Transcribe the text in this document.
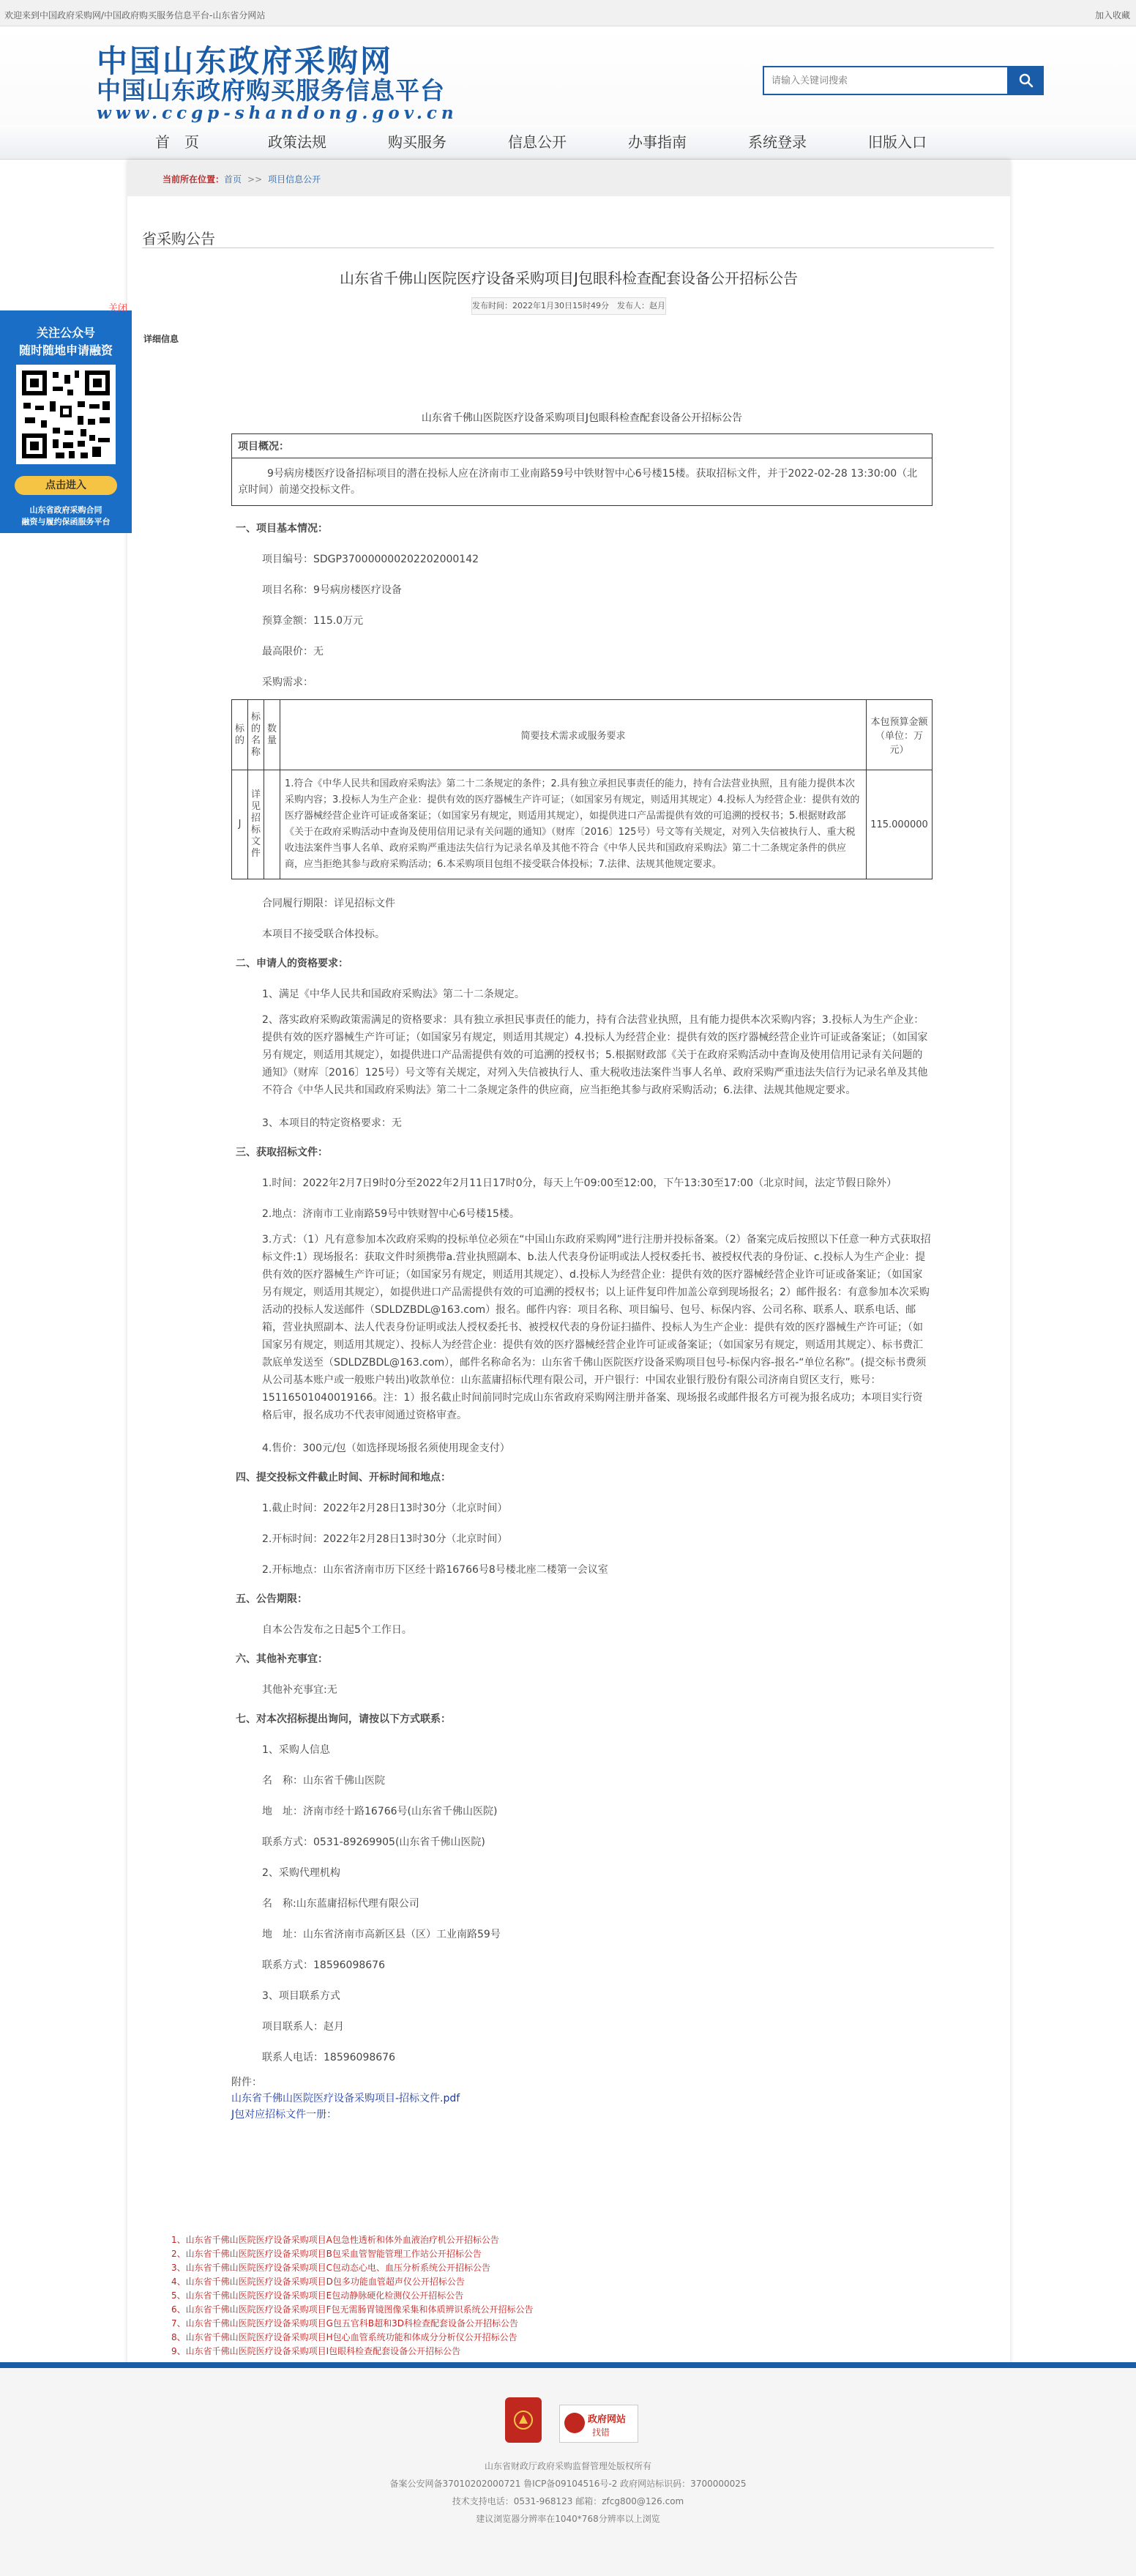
欢迎来到中国政府采购网/中国政府购买服务信息平台-山东省分网站	加入收藏
中国山东政府采购网
中国山东政府购买服务信息平台
www.ccgp-shandong.gov.cn
请输入关键词搜索
首　页	政策法规	购买服务	信息公开	办事指南	系统登录	旧版入口
当前所在位置：首页 >> 项目信息公开
省采购公告
山东省千佛山医院医疗设备采购项目J包眼科检查配套设备公开招标公告
发布时间：2022年1月30日15时49分　发布人：赵月
详细信息
山东省千佛山医院医疗设备采购项目J包眼科检查配套设备公开招标公告
项目概况：
9号病房楼医疗设备招标项目的潜在投标人应在济南市工业南路59号中铁财智中心6号楼15楼。获取招标文件，并于2022-02-28 13:30:00（北京时间）前递交投标文件。
一、项目基本情况：
项目编号：SDGP370000000202202000142
项目名称：9号病房楼医疗设备
预算金额：115.0万元
最高限价：无
采购需求：
标的	标的名称	数量	简要技术需求或服务要求	本包预算金额（单位：万元）
J	详见招标文件		1.符合《中华人民共和国政府采购法》第二十二条规定的条件；2.具有独立承担民事责任的能力，持有合法营业执照，且有能力提供本次采购内容；3.投标人为生产企业：提供有效的医疗器械生产许可证；（如国家另有规定，则适用其规定）4.投标人为经营企业：提供有效的医疗器械经营企业许可证或备案证；（如国家另有规定，则适用其规定），如提供进口产品需提供有效的可追溯的授权书；5.根据财政部《关于在政府采购活动中查询及使用信用记录有关问题的通知》（财库〔2016〕125号）号文等有关规定，对列入失信被执行人、重大税收违法案件当事人名单、政府采购严重违法失信行为记录名单及其他不符合《中华人民共和国政府采购法》第二十二条规定条件的供应商，应当拒绝其参与政府采购活动；6.本采购项目包组不接受联合体投标；7.法律、法规其他规定要求。	115.000000
合同履行期限：详见招标文件
本项目不接受联合体投标。
二、申请人的资格要求：
1、满足《中华人民共和国政府采购法》第二十二条规定。
2、落实政府采购政策需满足的资格要求：具有独立承担民事责任的能力，持有合法营业执照，且有能力提供本次采购内容；3.投标人为生产企业：提供有效的医疗器械生产许可证；（如国家另有规定，则适用其规定）4.投标人为经营企业：提供有效的医疗器械经营企业许可证或备案证；（如国家另有规定，则适用其规定），如提供进口产品需提供有效的可追溯的授权书；5.根据财政部《关于在政府采购活动中查询及使用信用记录有关问题的通知》（财库〔2016〕125号）号文等有关规定，对列入失信被执行人、重大税收违法案件当事人名单、政府采购严重违法失信行为记录名单及其他不符合《中华人民共和国政府采购法》第二十二条规定条件的供应商，应当拒绝其参与政府采购活动；6.法律、法规其他规定要求。
3、本项目的特定资格要求：无
三、获取招标文件：
1.时间：2022年2月7日9时0分至2022年2月11日17时0分，每天上午09:00至12:00，下午13:30至17:00（北京时间，法定节假日除外）
2.地点：济南市工业南路59号中铁财智中心6号楼15楼。
3.方式：（1）凡有意参加本次政府采购的投标单位必须在“中国山东政府采购网”进行注册并投标备案。（2）备案完成后按照以下任意一种方式获取招标文件:1）现场报名：获取文件时须携带a.营业执照副本、b.法人代表身份证明或法人授权委托书、被授权代表的身份证、c.投标人为生产企业：提供有效的医疗器械生产许可证；（如国家另有规定，则适用其规定）、d.投标人为经营企业：提供有效的医疗器械经营企业许可证或备案证；（如国家另有规定，则适用其规定），如提供进口产品需提供有效的可追溯的授权书；以上证件复印件加盖公章到现场报名；2）邮件报名：有意参加本次采购活动的投标人发送邮件（SDLDZBDL@163.com）报名。邮件内容：项目名称、项目编号、包号、标保内容、公司名称、联系人、联系电话、邮箱，营业执照副本、法人代表身份证明或法人授权委托书、被授权代表的身份证扫描件、投标人为生产企业：提供有效的医疗器械生产许可证；（如国家另有规定，则适用其规定）、投标人为经营企业：提供有效的医疗器械经营企业许可证或备案证；（如国家另有规定，则适用其规定）、标书费汇款底单发送至（SDLDZBDL@163.com），邮件名称命名为：山东省千佛山医院医疗设备采购项目包号-标保内容-报名-“单位名称”。(提交标书费须从公司基本账户或一般账户转出)收款单位：山东蓝庸招标代理有限公司，开户银行：中国农业银行股份有限公司济南自贸区支行，账号：15116501040019166。注：1）报名截止时间前同时完成山东省政府采购网注册并备案、现场报名或邮件报名方可视为报名成功；本项目实行资格后审，报名成功不代表审阅通过资格审查。
4.售价：300元/包（如选择现场报名须使用现金支付）
四、提交投标文件截止时间、开标时间和地点：
1.截止时间：2022年2月28日13时30分（北京时间）
2.开标时间：2022年2月28日13时30分（北京时间）
2.开标地点：山东省济南市历下区经十路16766号8号楼北座二楼第一会议室
五、公告期限：
自本公告发布之日起5个工作日。
六、其他补充事宜：
其他补充事宜:无
七、对本次招标提出询问，请按以下方式联系：
1、采购人信息
名　称：山东省千佛山医院
地　址：济南市经十路16766号(山东省千佛山医院)
联系方式：0531-89269905(山东省千佛山医院)
2、采购代理机构
名　称:山东蓝庸招标代理有限公司
地　址：山东省济南市高新区县（区）工业南路59号
联系方式：18596098676
3、项目联系方式
项目联系人：赵月
联系人电话：18596098676
附件：
山东省千佛山医院医疗设备采购项目-招标文件.pdf
J包对应招标文件一册：
1、山东省千佛山医院医疗设备采购项目A包急性透析和体外血液治疗机公开招标公告
2、山东省千佛山医院医疗设备采购项目B包采血管智能管理工作站公开招标公告
3、山东省千佛山医院医疗设备采购项目C包动态心电、血压分析系统公开招标公告
4、山东省千佛山医院医疗设备采购项目D包多功能血管超声仪公开招标公告
5、山东省千佛山医院医疗设备采购项目E包动静脉硬化检测仪公开招标公告
6、山东省千佛山医院医疗设备采购项目F包无需肠胃镜图像采集和体质辨识系统公开招标公告
7、山东省千佛山医院医疗设备采购项目G包五官科B超和3D科检查配套设备公开招标公告
8、山东省千佛山医院医疗设备采购项目H包心血管系统功能和体成分分析仪公开招标公告
9、山东省千佛山医院医疗设备采购项目I包眼科检查配套设备公开招标公告
关闭
关注公众号
随时随地申请融资
点击进入
山东省政府采购合同
融资与履约保函服务平台
政府网站
找错
山东省财政厅政府采购监督管理处版权所有
备案公安网备37010202000721 鲁ICP备09104516号-2 政府网站标识码：3700000025
技术支持电话：0531-968123 邮箱：zfcg800@126.com
建议浏览器分辨率在1040*768分辨率以上浏览
